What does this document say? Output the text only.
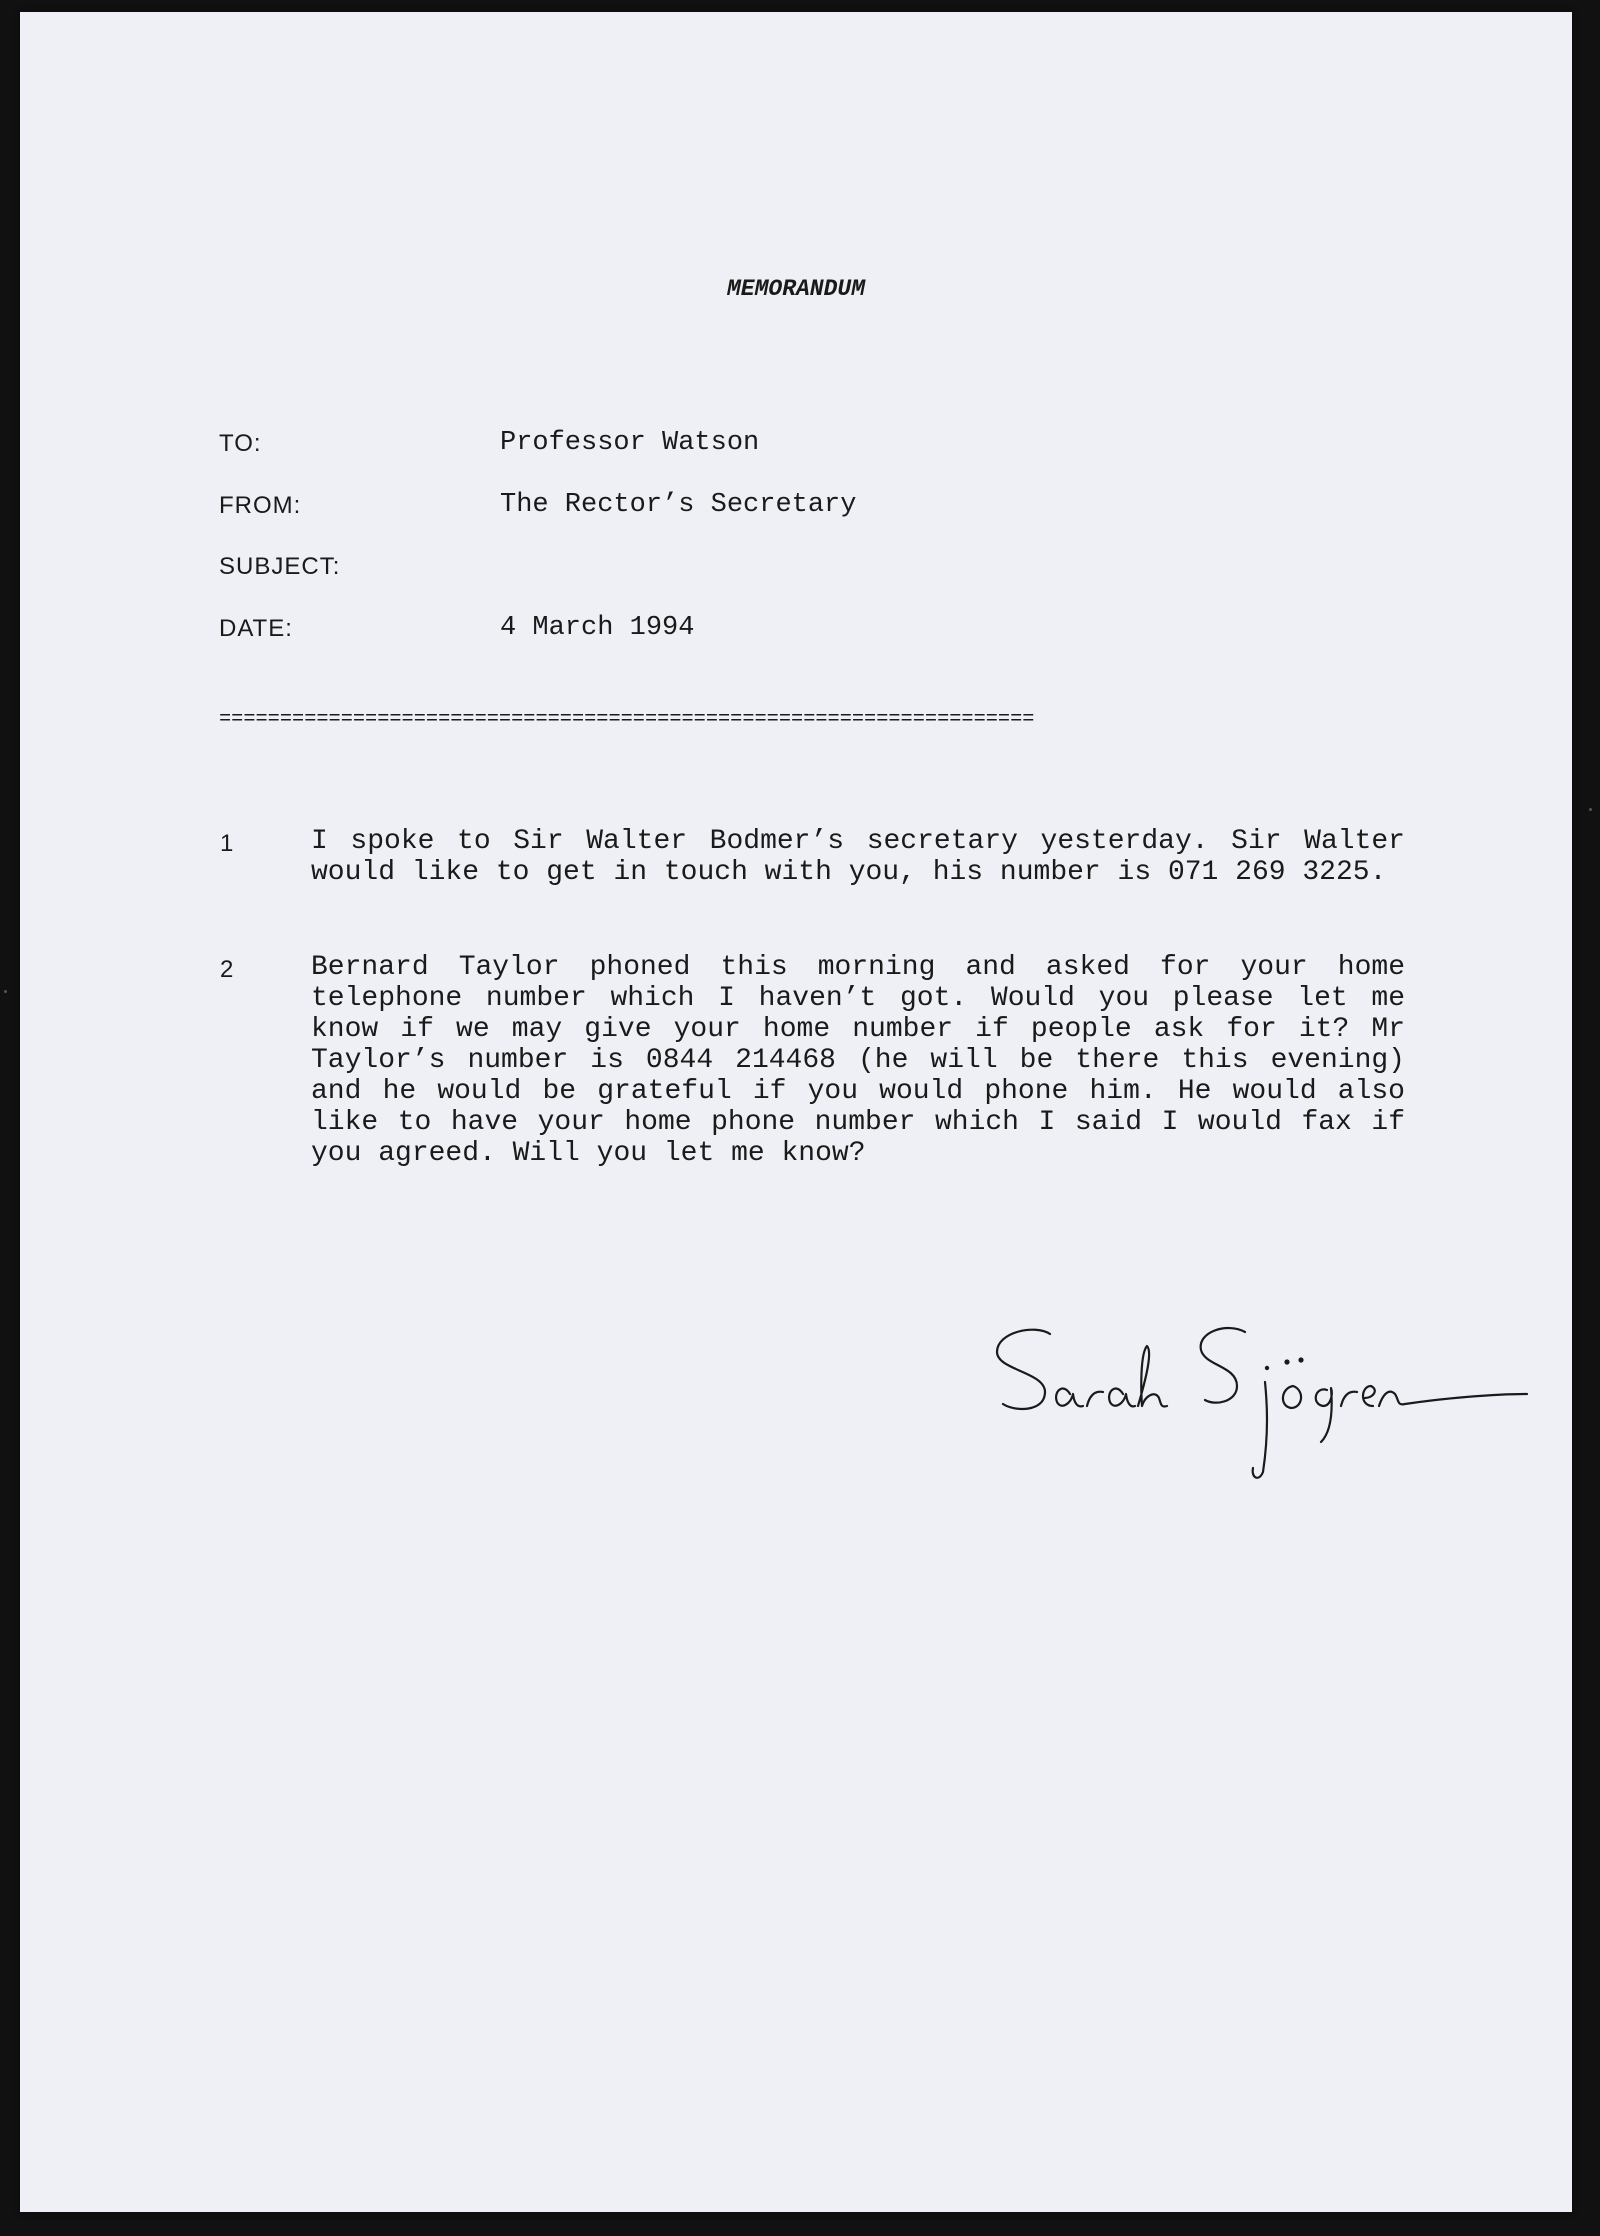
MEMORANDUM
TO:	Professor Watson
FROM:	The Rector’s Secretary
SUBJECT:
DATE:	4 March 1994
===================================================================
1	I spoke to Sir Walter Bodmer’s secretary yesterday. Sir Walter would like to get in touch with you, his number is 071 269 3225.
2	Bernard Taylor phoned this morning and asked for your home telephone number which I haven’t got. Would you please let me know if we may give your home number if people ask for it? Mr Taylor’s number is 0844 214468 (he will be there this evening) and he would be grateful if you would phone him. He would also like to have your home phone number which I said I would fax if you agreed. Will you let me know?
